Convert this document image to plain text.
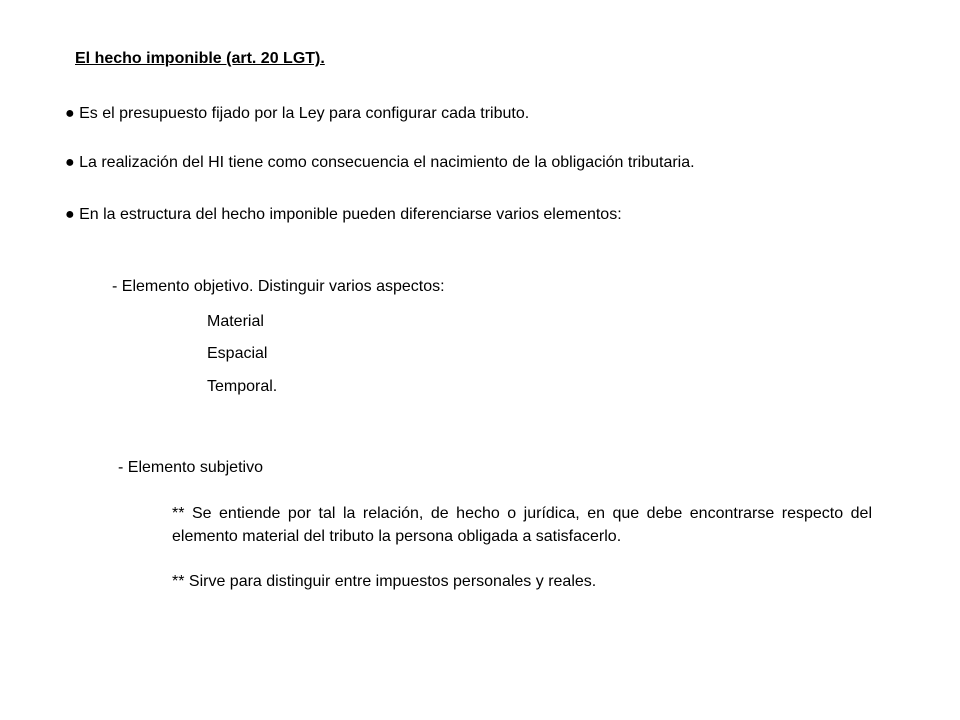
El hecho imponible (art. 20 LGT).

● Es el presupuesto fijado por la Ley para configurar cada tributo.

● La realización del HI tiene como consecuencia el nacimiento de la obligación tributaria.

● En la estructura del hecho imponible pueden diferenciarse varios elementos:

- Elemento objetivo. Distinguir varios aspectos:

Material

Espacial

Temporal.

- Elemento subjetivo

** Se entiende por tal la relación, de hecho o jurídica, en que debe encontrarse respecto del elemento material del tributo la persona obligada a satisfacerlo.

** Sirve para distinguir entre impuestos personales y reales.
